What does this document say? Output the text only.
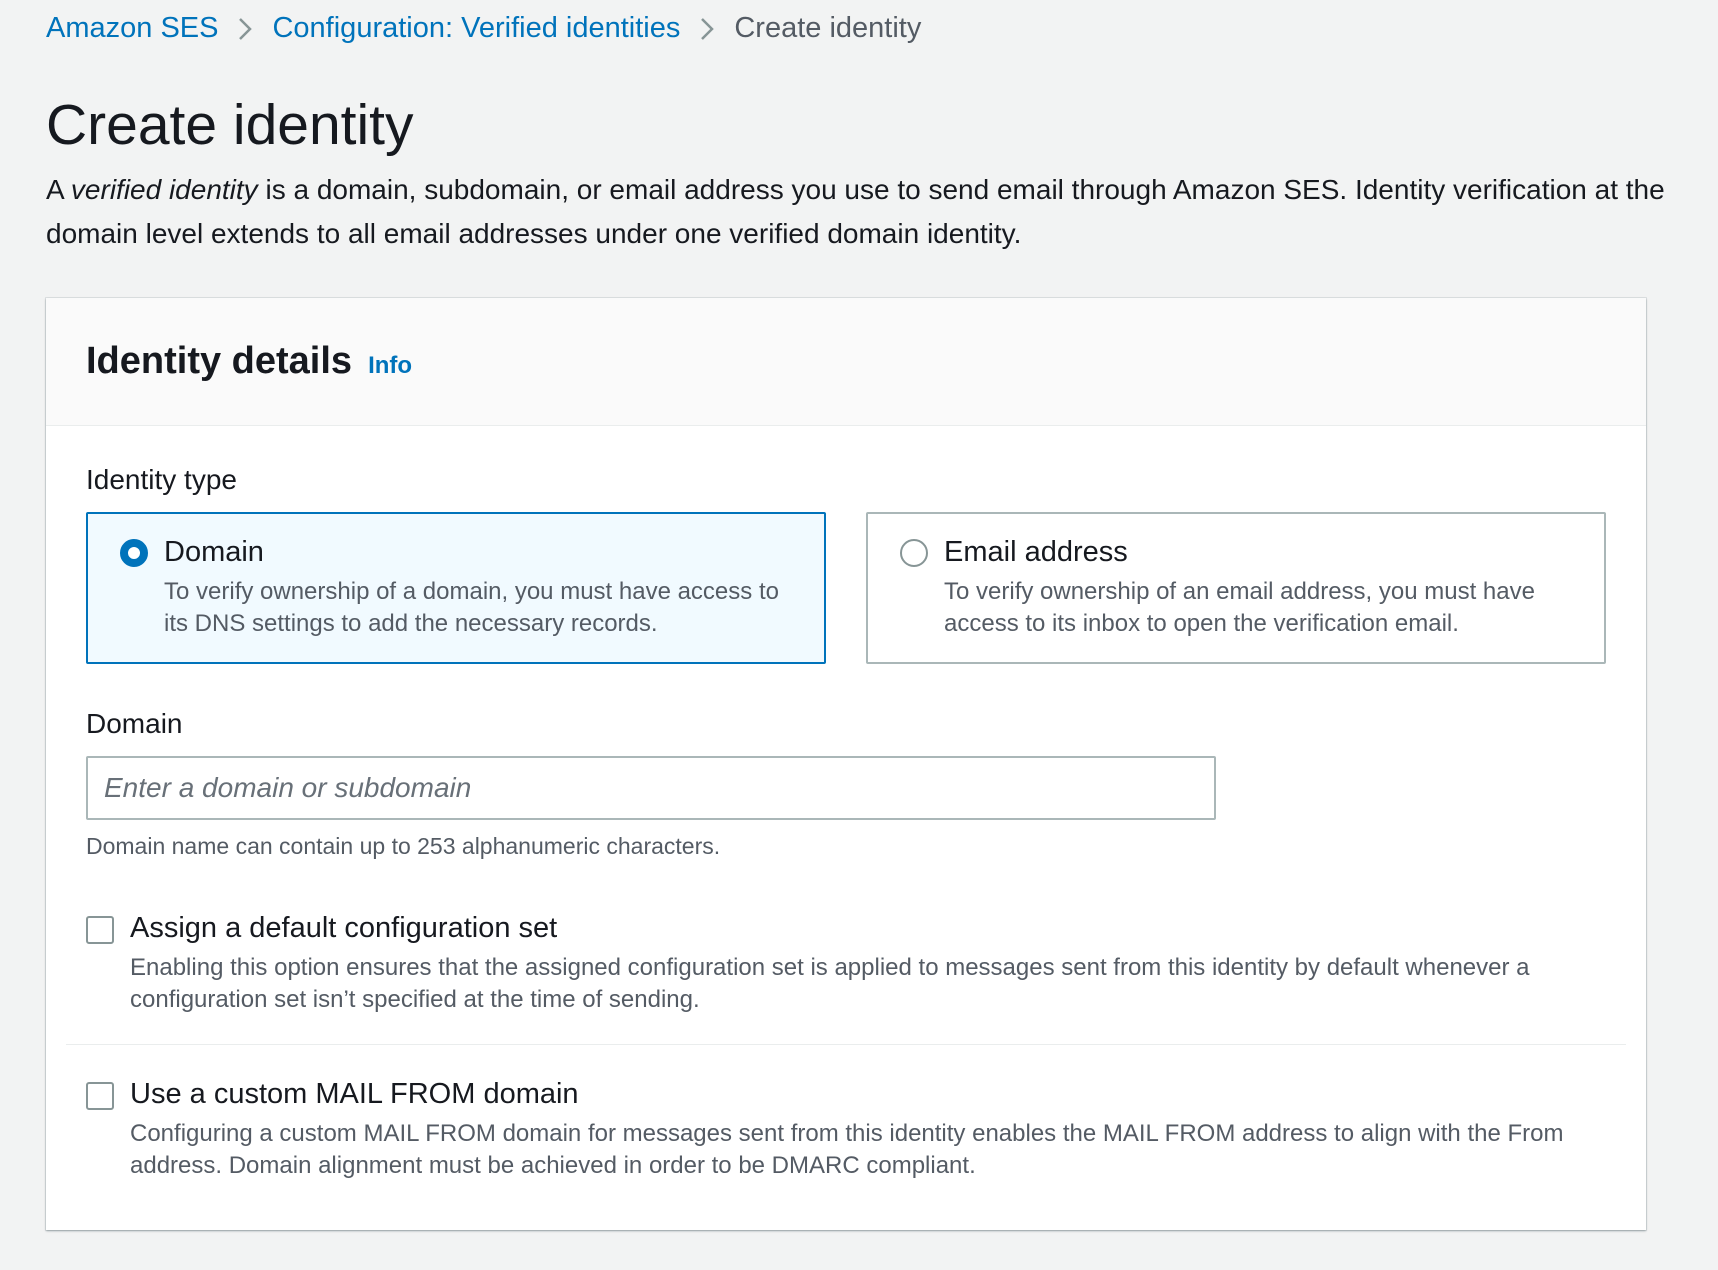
Amazon SES Configuration: Verified identities Create identity
Create identity

A verified identity is a domain, subdomain, or email address you use to send email through Amazon SES. Identity verification at the domain level extends to all email addresses under one verified domain identity.

Identity details Info
Identity type
Domain
To verify ownership of a domain, you must have access to its DNS settings to add the necessary records.
Email address
To verify ownership of an email address, you must have access to its inbox to open the verification email.
Domain
Enter a domain or subdomain
Domain name can contain up to 253 alphanumeric characters.
Assign a default configuration set
Enabling this option ensures that the assigned configuration set is applied to messages sent from this identity by default whenever a configuration set isn’t specified at the time of sending.
Use a custom MAIL FROM domain
Configuring a custom MAIL FROM domain for messages sent from this identity enables the MAIL FROM address to align with the From address. Domain alignment must be achieved in order to be DMARC compliant.
